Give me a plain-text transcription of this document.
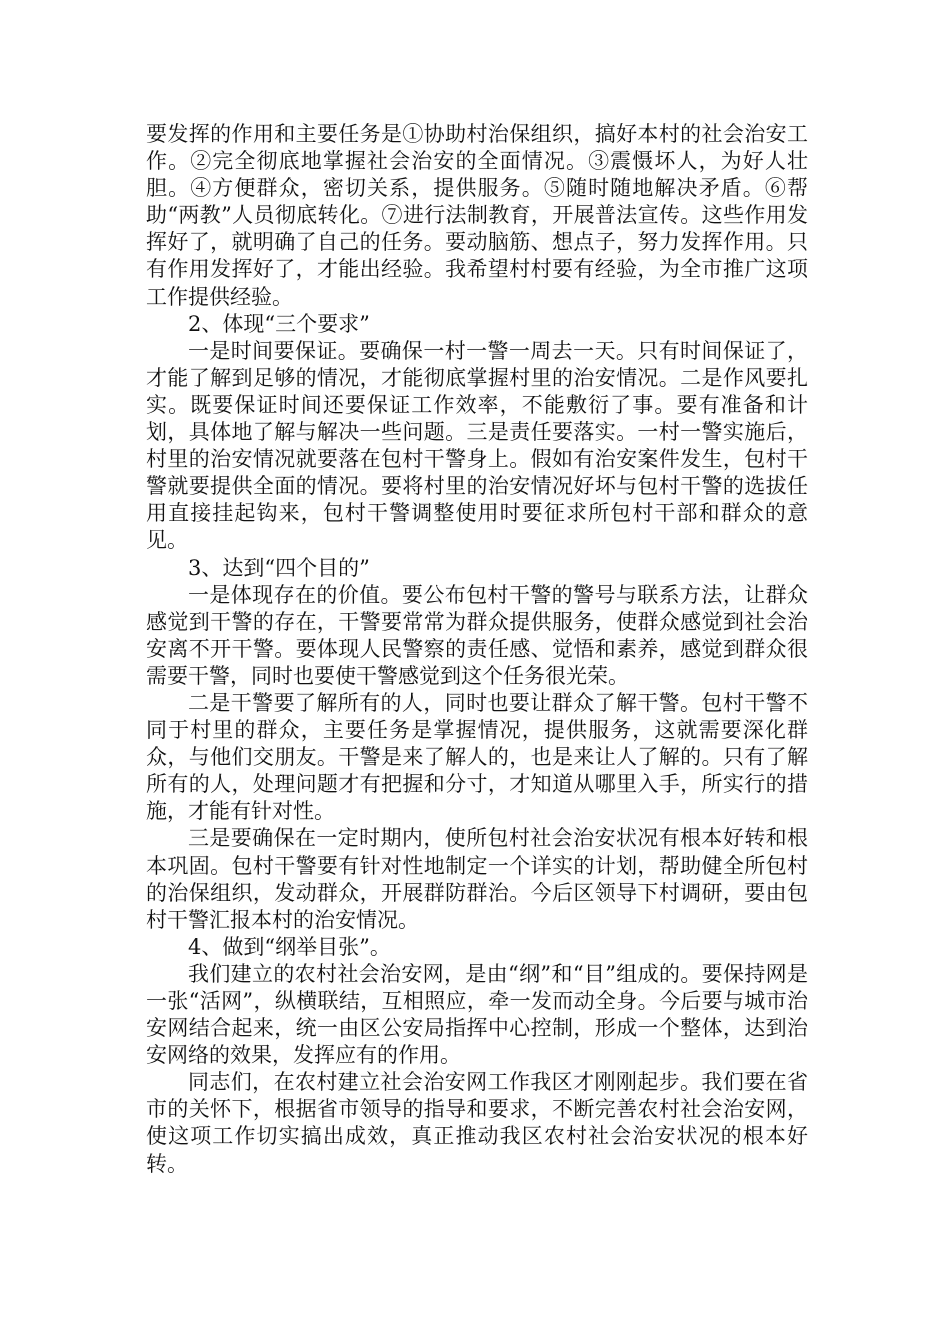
要发挥的作用和主要任务是①协助村治保组织，搞好本村的社会治安工作。②完全彻底地掌握社会治安的全面情况。③震慑坏人，为好人壮胆。④方便群众，密切关系，提供服务。⑤随时随地解决矛盾。⑥帮助“两教”人员彻底转化。⑦进行法制教育，开展普法宣传。这些作用发挥好了，就明确了自己的任务。要动脑筋、想点子，努力发挥作用。只有作用发挥好了，才能出经验。我希望村村要有经验，为全市推广这项工作提供经验。

2、体现“三个要求”

一是时间要保证。要确保一村一警一周去一天。只有时间保证了，才能了解到足够的情况，才能彻底掌握村里的治安情况。二是作风要扎实。既要保证时间还要保证工作效率，不能敷衍了事。要有准备和计划，具体地了解与解决一些问题。三是责任要落实。一村一警实施后，村里的治安情况就要落在包村干警身上。假如有治安案件发生，包村干警就要提供全面的情况。要将村里的治安情况好坏与包村干警的选拔任用直接挂起钩来，包村干警调整使用时要征求所包村干部和群众的意见。

3、达到“四个目的”

一是体现存在的价值。要公布包村干警的警号与联系方法，让群众感觉到干警的存在，干警要常常为群众提供服务，使群众感觉到社会治安离不开干警。要体现人民警察的责任感、觉悟和素养，感觉到群众很需要干警，同时也要使干警感觉到这个任务很光荣。

二是干警要了解所有的人，同时也要让群众了解干警。包村干警不同于村里的群众，主要任务是掌握情况，提供服务，这就需要深化群众，与他们交朋友。干警是来了解人的，也是来让人了解的。只有了解所有的人，处理问题才有把握和分寸，才知道从哪里入手，所实行的措施，才能有针对性。

三是要确保在一定时期内，使所包村社会治安状况有根本好转和根本巩固。包村干警要有针对性地制定一个详实的计划，帮助健全所包村的治保组织，发动群众，开展群防群治。今后区领导下村调研，要由包村干警汇报本村的治安情况。

4、做到“纲举目张”。

我们建立的农村社会治安网，是由“纲”和“目”组成的。要保持网是一张“活网”，纵横联结，互相照应，牵一发而动全身。今后要与城市治安网结合起来，统一由区公安局指挥中心控制，形成一个整体，达到治安网络的效果，发挥应有的作用。

同志们，在农村建立社会治安网工作我区才刚刚起步。我们要在省市的关怀下，根据省市领导的指导和要求，不断完善农村社会治安网，使这项工作切实搞出成效，真正推动我区农村社会治安状况的根本好转。
